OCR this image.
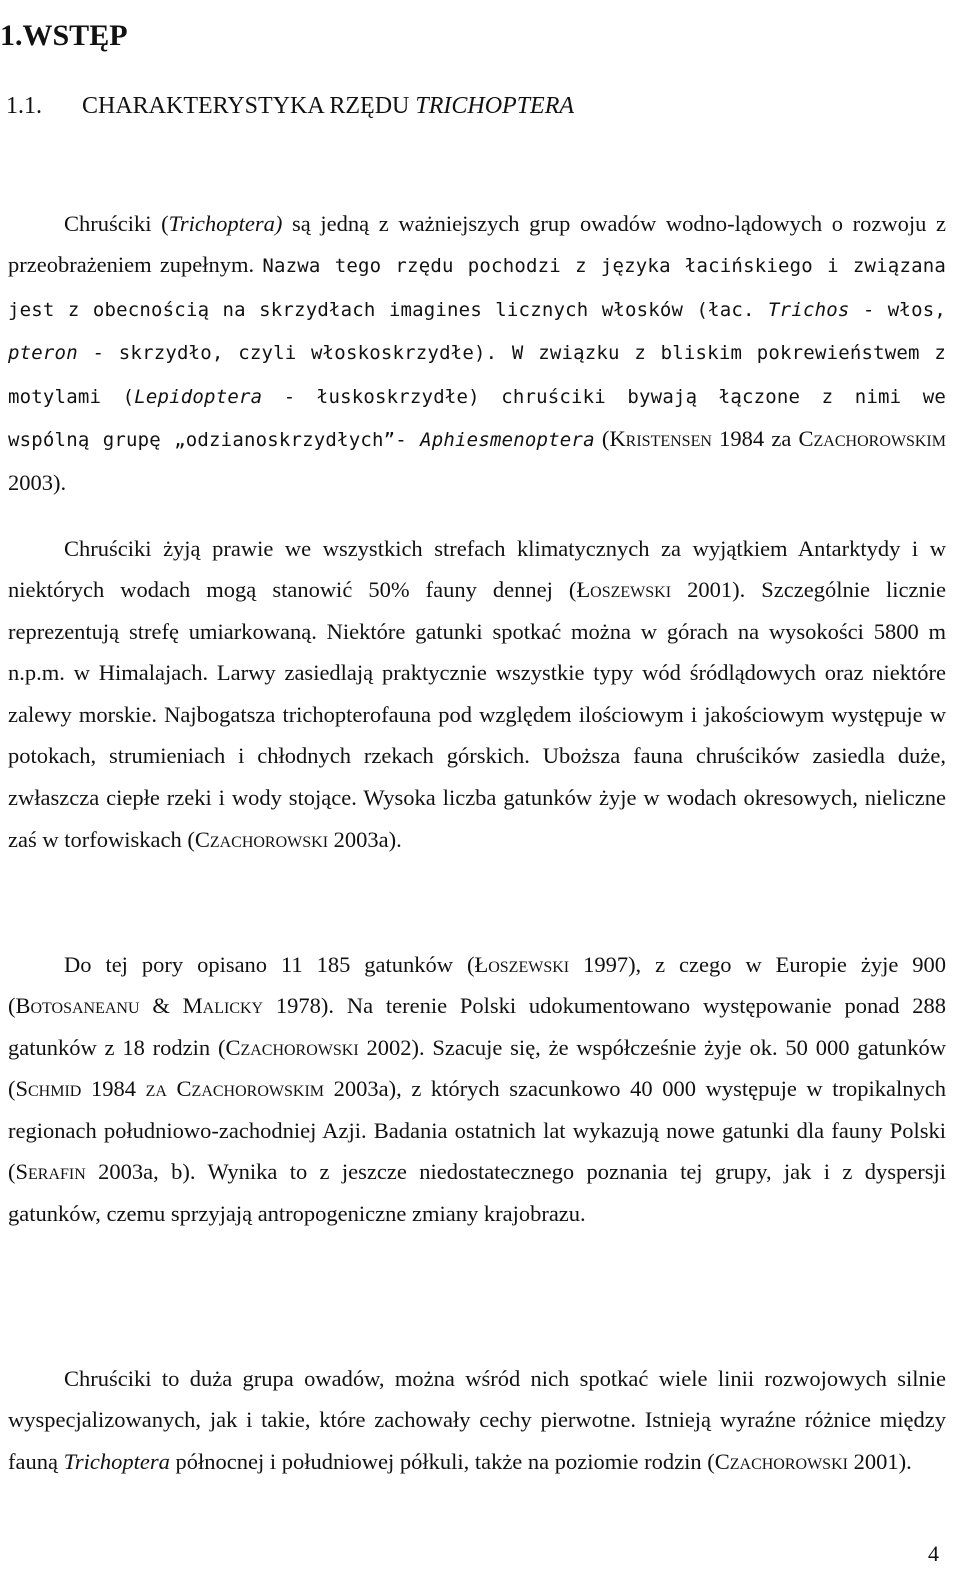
1.WSTĘP
1.1. CHARAKTERYSTYKA RZĘDU TRICHOPTERA

Chruściki (Trichoptera) są jedną z ważniejszych grup owadów wodno-lądowych o rozwoju z przeobrażeniem zupełnym. Nazwa tego rzędu pochodzi z języka łacińskiego i związana jest z obecnością na skrzydłach imagines licznych włosków (łac. Trichos - włos, pteron - skrzydło, czyli włoskoskrzydłe). W związku z bliskim pokrewieństwem z motylami (Lepidoptera - łuskoskrzydłe) chruściki bywają łączone z nimi we wspólną grupę „odzianoskrzydłych”- Aphiesmenoptera (Kristensen 1984 za Czachorowskim 2003).

Chruściki żyją prawie we wszystkich strefach klimatycznych za wyjątkiem Antarktydy i w niektórych wodach mogą stanowić 50% fauny dennej (Łoszewski 2001). Szczególnie licznie reprezentują strefę umiarkowaną. Niektóre gatunki spotkać można w górach na wysokości 5800 m n.p.m. w Himalajach. Larwy zasiedlają praktycznie wszystkie typy wód śródlądowych oraz niektóre zalewy morskie. Najbogatsza trichopterofauna pod względem ilościowym i jakościowym występuje w potokach, strumieniach i chłodnych rzekach górskich. Uboższa fauna chruścików zasiedla duże, zwłaszcza ciepłe rzeki i wody stojące. Wysoka liczba gatunków żyje w wodach okresowych, nieliczne zaś w torfowiskach (Czachorowski 2003a).

Do tej pory opisano 11 185 gatunków (Łoszewski 1997), z czego w Europie żyje 900 (Botosaneanu & Malicky 1978). Na terenie Polski udokumentowano występowanie ponad 288 gatunków z 18 rodzin (Czachorowski 2002). Szacuje się, że współcześnie żyje ok. 50 000 gatunków (Schmid 1984 za Czachorowskim 2003a), z których szacunkowo 40 000 występuje w tropikalnych regionach południowo-zachodniej Azji. Badania ostatnich lat wykazują nowe gatunki dla fauny Polski (Serafin 2003a, b). Wynika to z jeszcze niedostatecznego poznania tej grupy, jak i z dyspersji gatunków, czemu sprzyjają antropogeniczne zmiany krajobrazu.

Chruściki to duża grupa owadów, można wśród nich spotkać wiele linii rozwojowych silnie wyspecjalizowanych, jak i takie, które zachowały cechy pierwotne. Istnieją wyraźne różnice między fauną Trichoptera północnej i południowej półkuli, także na poziomie rodzin (Czachorowski 2001).

4
